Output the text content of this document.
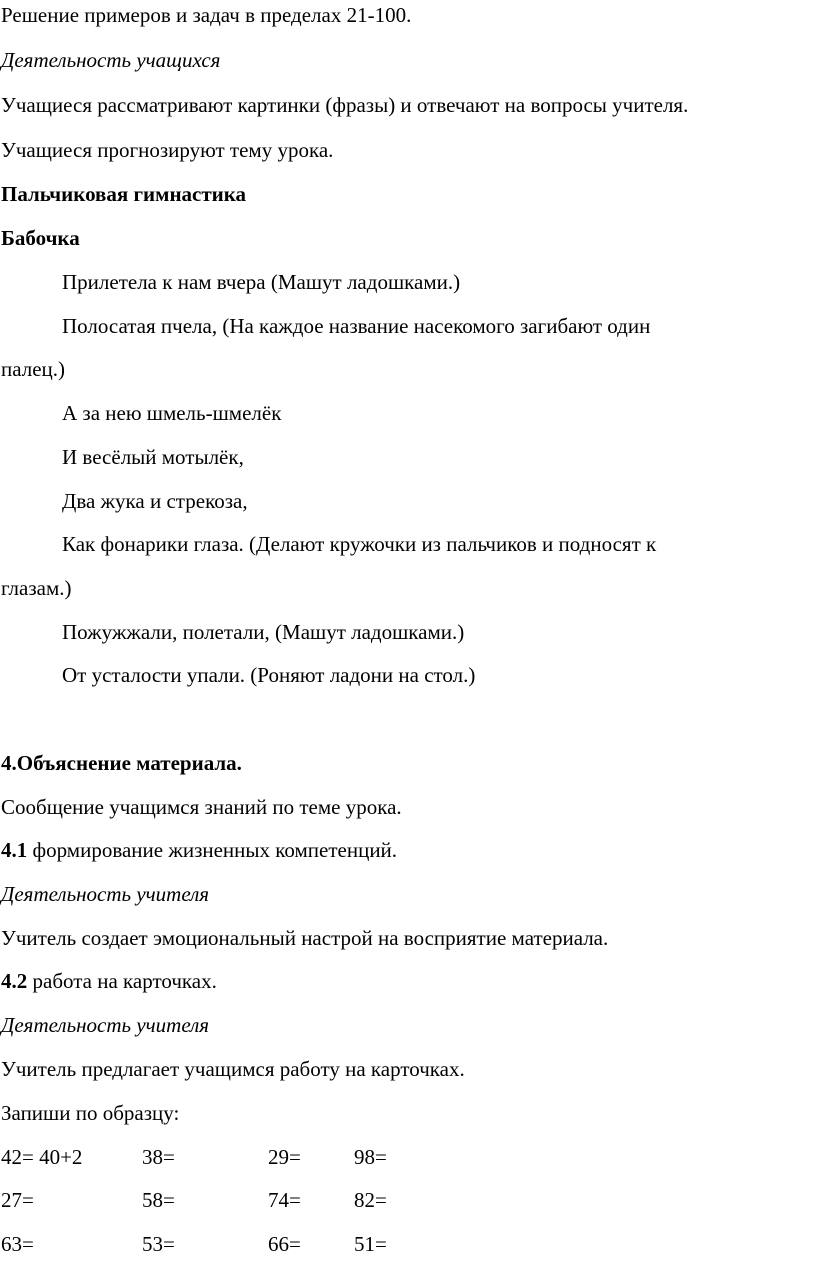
Решение примеров и задач в пределах 21-100.
Деятельность учащихся
Учащиеся рассматривают картинки (фразы) и отвечают на вопросы учителя.
Учащиеся прогнозируют тему урока.
Пальчиковая гимнастика
Бабочка
Прилетела к нам вчера (Машут ладошками.)
Полосатая пчела, (На каждое название насекомого загибают один
палец.)
А за нею шмель-шмелёк
И весёлый мотылёк,
Два жука и стрекоза,
Как фонарики глаза. (Делают кружочки из пальчиков и подносят к
глазам.)
Пожужжали, полетали, (Машут ладошками.)
От усталости упали. (Роняют ладони на стол.)
4.Объяснение материала.
Сообщение учащимся знаний по теме урока.
4.1 формирование жизненных компетенций.
Деятельность учителя
Учитель создает эмоциональный настрой на восприятие материала.
4.2 работа на карточках.
Деятельность учителя
Учитель предлагает учащимся работу на карточках.
Запиши по образцу:
42= 40+2	38=	29=	98=
27=	58=	74=	82=
63=	53=	66=	51=
